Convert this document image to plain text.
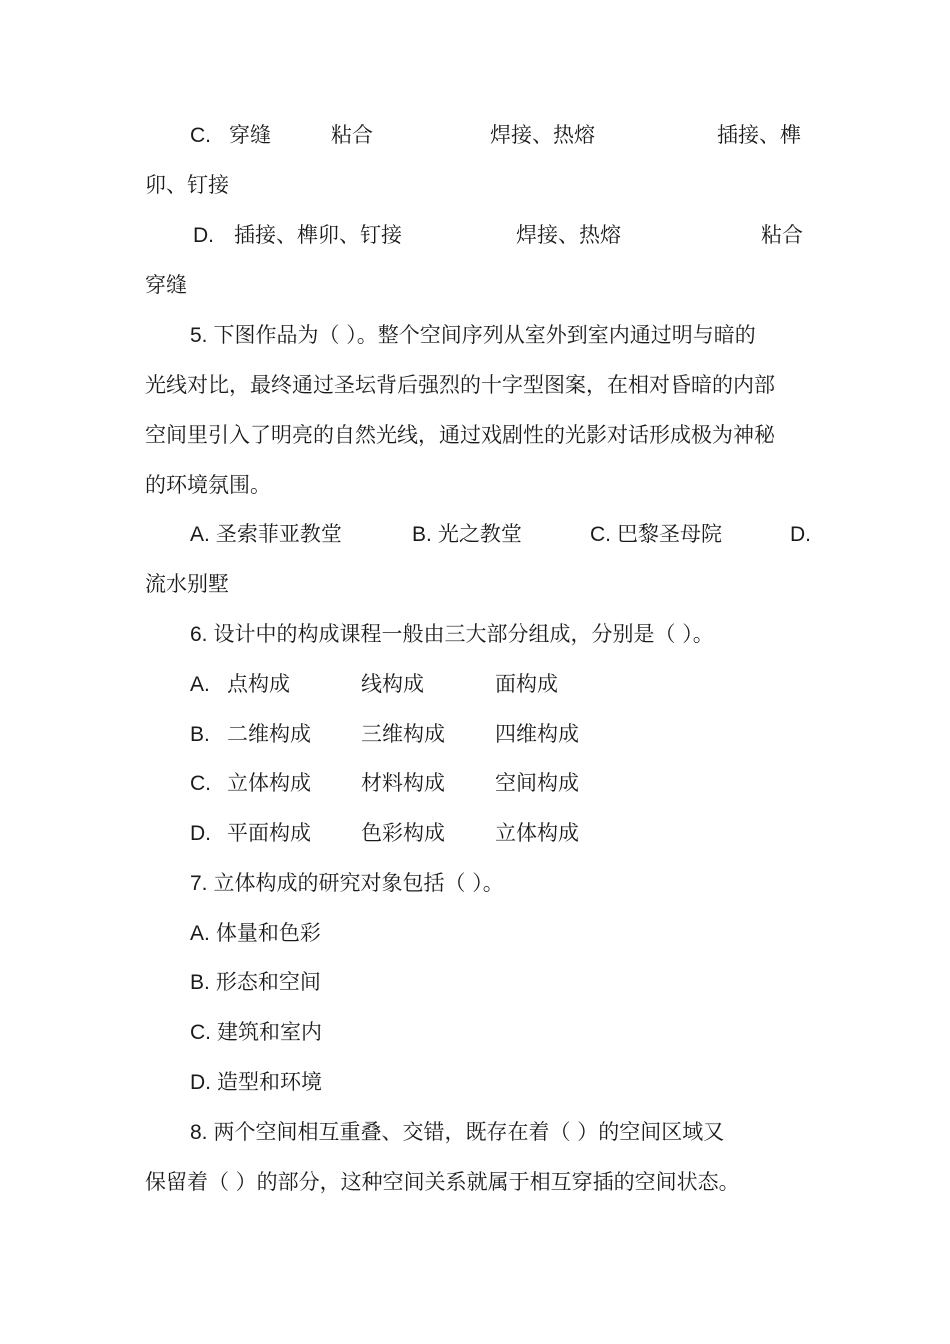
C. 穿缝	粘合	焊接、热熔	插接、榫
卯、钉接
D. 插接、榫卯、钉接	焊接、热熔	粘合
穿缝
5. 下图作品为（ ）。整个空间序列从室外到室内通过明与暗的
光线对比，最终通过圣坛背后强烈的十字型图案，在相对昏暗的内部
空间里引入了明亮的自然光线，通过戏剧性的光影对话形成极为神秘
的环境氛围。
A. 圣索菲亚教堂	B. 光之教堂	C. 巴黎圣母院	D.
流水别墅
6. 设计中的构成课程一般由三大部分组成，分别是（ ）。
A. 点构成	线构成	面构成
B. 二维构成 三维构成 四维构成
C. 立体构成 材料构成 空间构成
D. 平面构成 色彩构成 立体构成
7. 立体构成的研究对象包括（ ）。
A. 体量和色彩
B. 形态和空间
C. 建筑和室内
D. 造型和环境
8. 两个空间相互重叠、交错，既存在着（ ）的空间区域又
保留着（ ）的部分，这种空间关系就属于相互穿插的空间状态。
